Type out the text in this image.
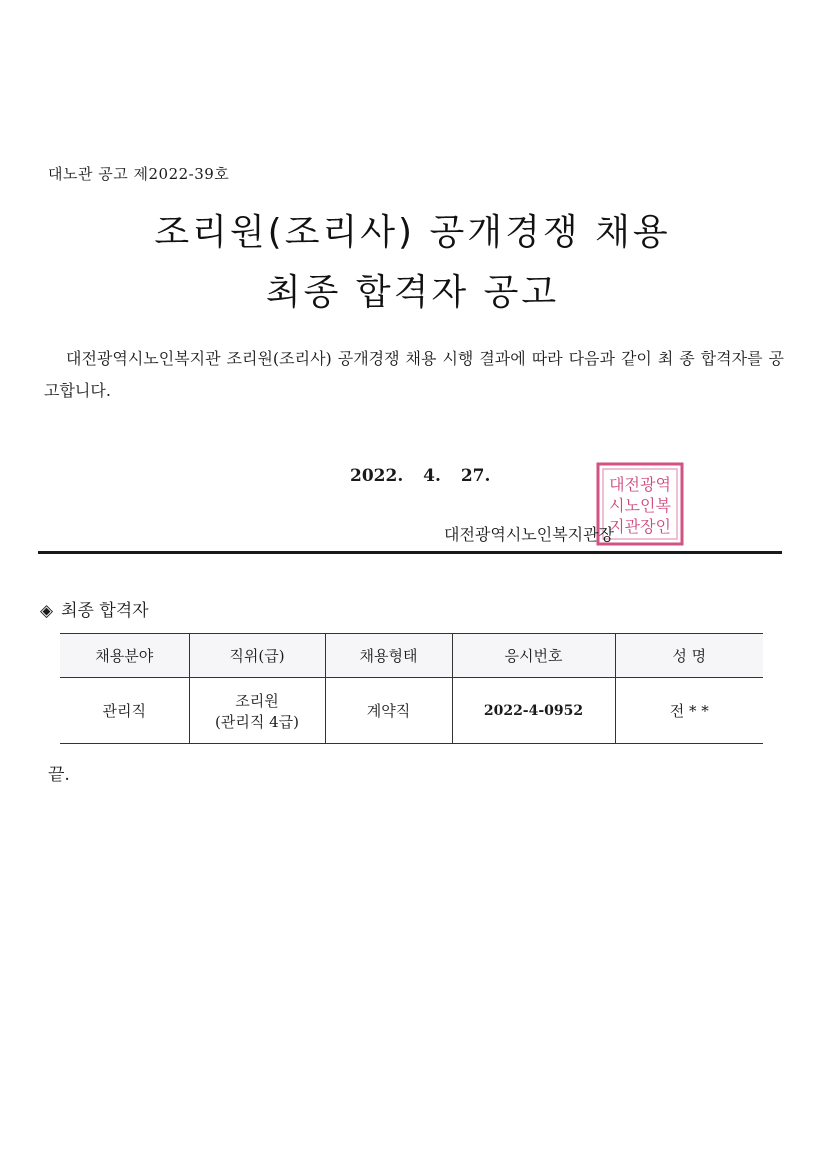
대노관 공고 제2022-39호
조리원(조리사) 공개경쟁 채용
최종 합격자 공고
대전광역시노인복지관 조리원(조리사) 공개경쟁 채용 시행 결과에 따라 다음과 같이 최 종 합격자를 공고합니다.
2022. 4. 27.	대전광역
시노인복
지관장인
대전광역시노인복지관장
◈ 최종 합격자
채용분야	직위(급)	채용형태	응시번호	성 명
관리직	조리원
(관리직 4급)	계약직	2022-4-0952	전 * *
끝.
